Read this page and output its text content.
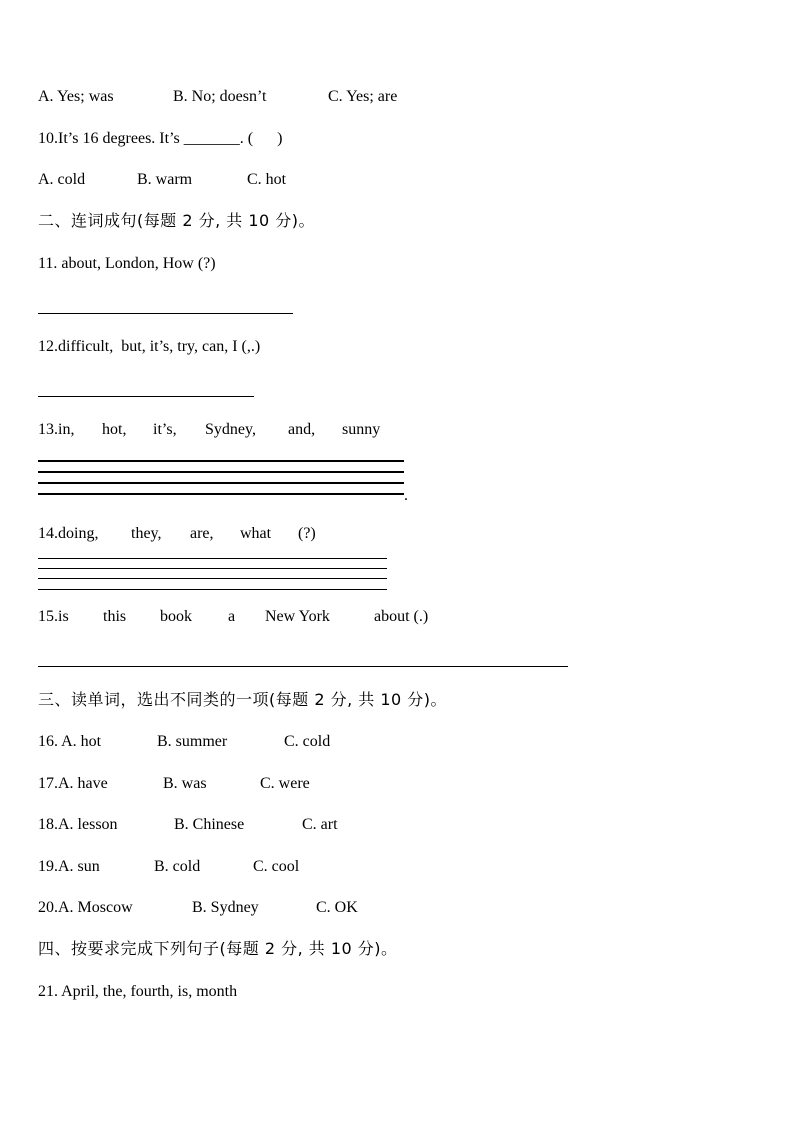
A. Yes; was	B. No; doesn’t	C. Yes; are
10.It’s 16 degrees. It’s _______. (      )
A. cold	B. warm	C. hot
二、连词成句(每题 2 分, 共 10 分)。
11. about, London, How (?)
12.difficult,  but, it’s, try, can, I (,.)
13.in, hot, it’s, Sydney, and, sunny
.
14.doing, they, are, what (?)
15.is this book a New York	about (.)
三、读单词，选出不同类的一项(每题 2 分, 共 10 分)。
16. A. hot	B. summer	C. cold
17.A. have	B. was	C. were
18.A. lesson	B. Chinese	C. art
19.A. sun	B. cold	C. cool
20.A. Moscow	B. Sydney	C. OK
四、按要求完成下列句子(每题 2 分, 共 10 分)。
21. April, the, fourth, is, month
